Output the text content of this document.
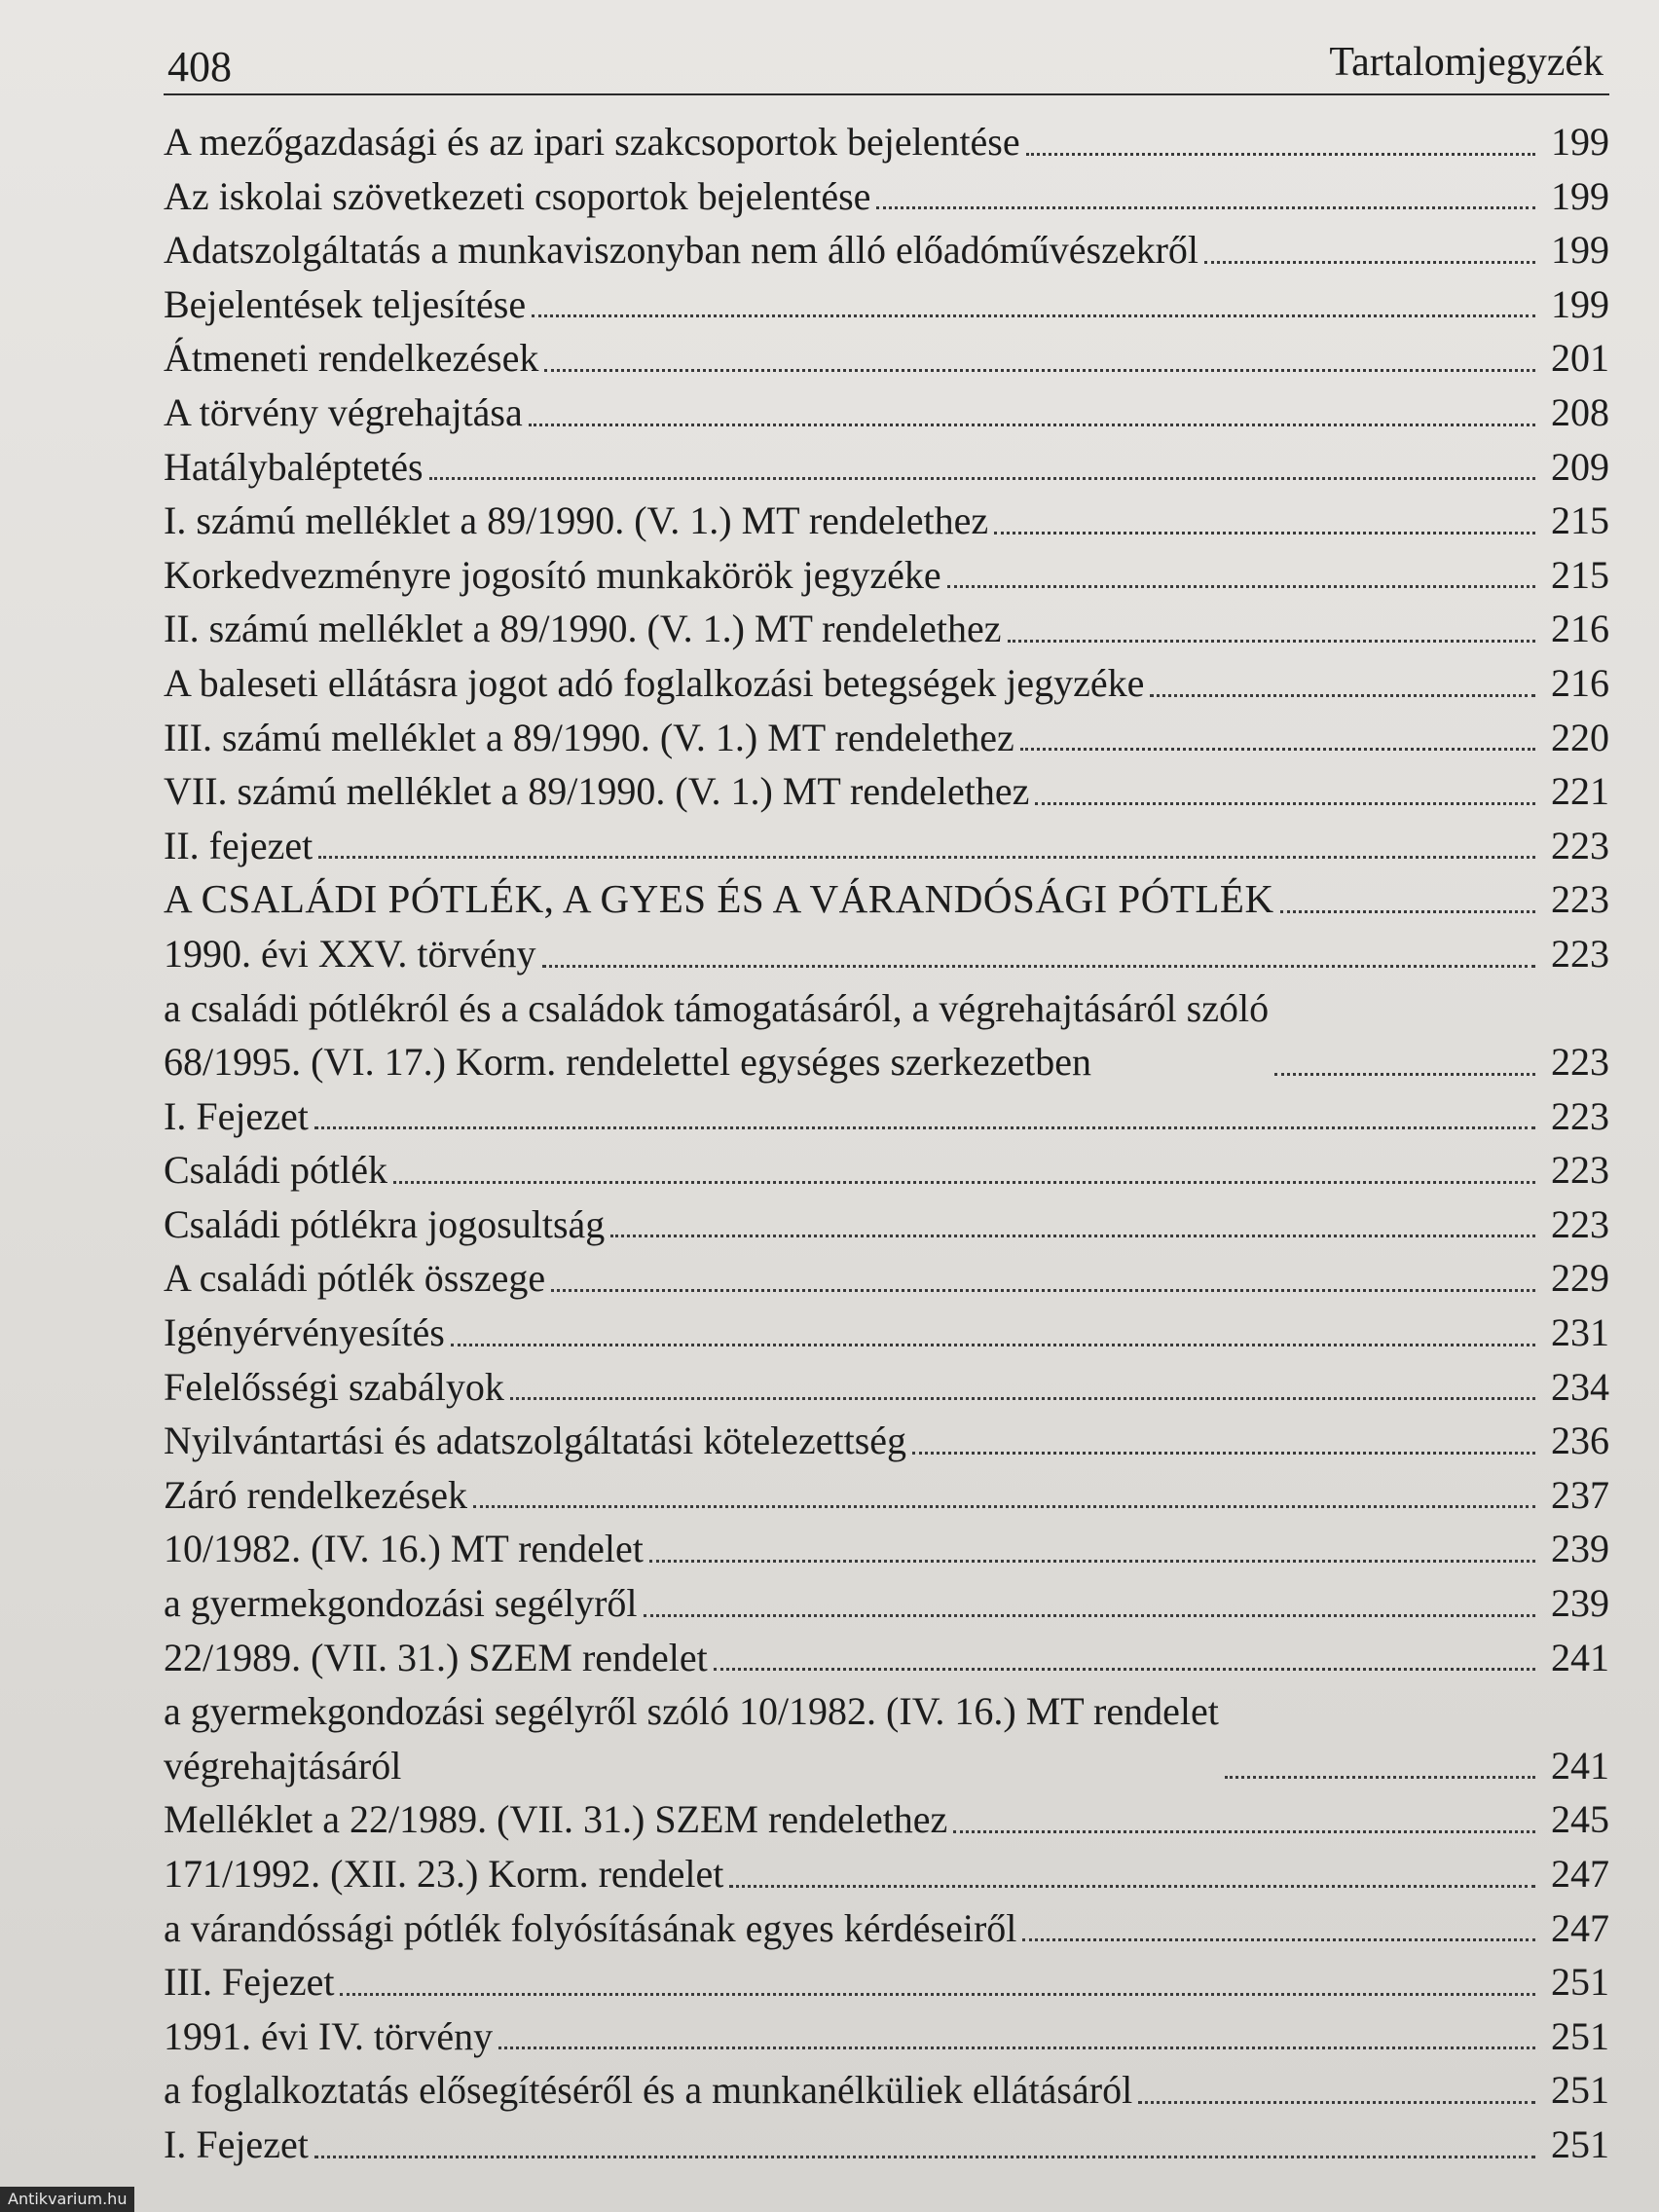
408	Tartalomjegyzék
A mezőgazdasági és az ipari szakcsoportok bejelentése	199
Az iskolai szövetkezeti csoportok bejelentése	199
Adatszolgáltatás a munkaviszonyban nem álló előadóművészekről	199
Bejelentések teljesítése	199
Átmeneti rendelkezések	201
A törvény végrehajtása	208
Hatálybaléptetés	209
I. számú melléklet a 89/1990. (V. 1.) MT rendelethez	215
Korkedvezményre jogosító munkakörök jegyzéke	215
II. számú melléklet a 89/1990. (V. 1.) MT rendelethez	216
A baleseti ellátásra jogot adó foglalkozási betegségek jegyzéke	216
III. számú melléklet a 89/1990. (V. 1.) MT rendelethez	220
VII. számú melléklet a 89/1990. (V. 1.) MT rendelethez	221
II. fejezet	223
A CSALÁDI PÓTLÉK, A GYES ÉS A VÁRANDÓSÁGI PÓTLÉK	223
1990. évi XXV. törvény	223
a családi pótlékról és a családok támogatásáról, a végrehajtásáról szóló
68/1995. (VI. 17.) Korm. rendelettel egységes szerkezetben	223
I. Fejezet	223
Családi pótlék	223
Családi pótlékra jogosultság	223
A családi pótlék összege	229
Igényérvényesítés	231
Felelősségi szabályok	234
Nyilvántartási és adatszolgáltatási kötelezettség	236
Záró rendelkezések	237
10/1982. (IV. 16.) MT rendelet	239
a gyermekgondozási segélyről	239
22/1989. (VII. 31.) SZEM rendelet	241
a gyermekgondozási segélyről szóló 10/1982. (IV. 16.) MT rendelet
végrehajtásáról	241
Melléklet a 22/1989. (VII. 31.) SZEM rendelethez	245
171/1992. (XII. 23.) Korm. rendelet	247
a várandóssági pótlék folyósításának egyes kérdéseiről	247
III. Fejezet	251
1991. évi IV. törvény	251
a foglalkoztatás elősegítéséről és a munkanélküliek ellátásáról	251
I. Fejezet	251
Antikvarium.hu
